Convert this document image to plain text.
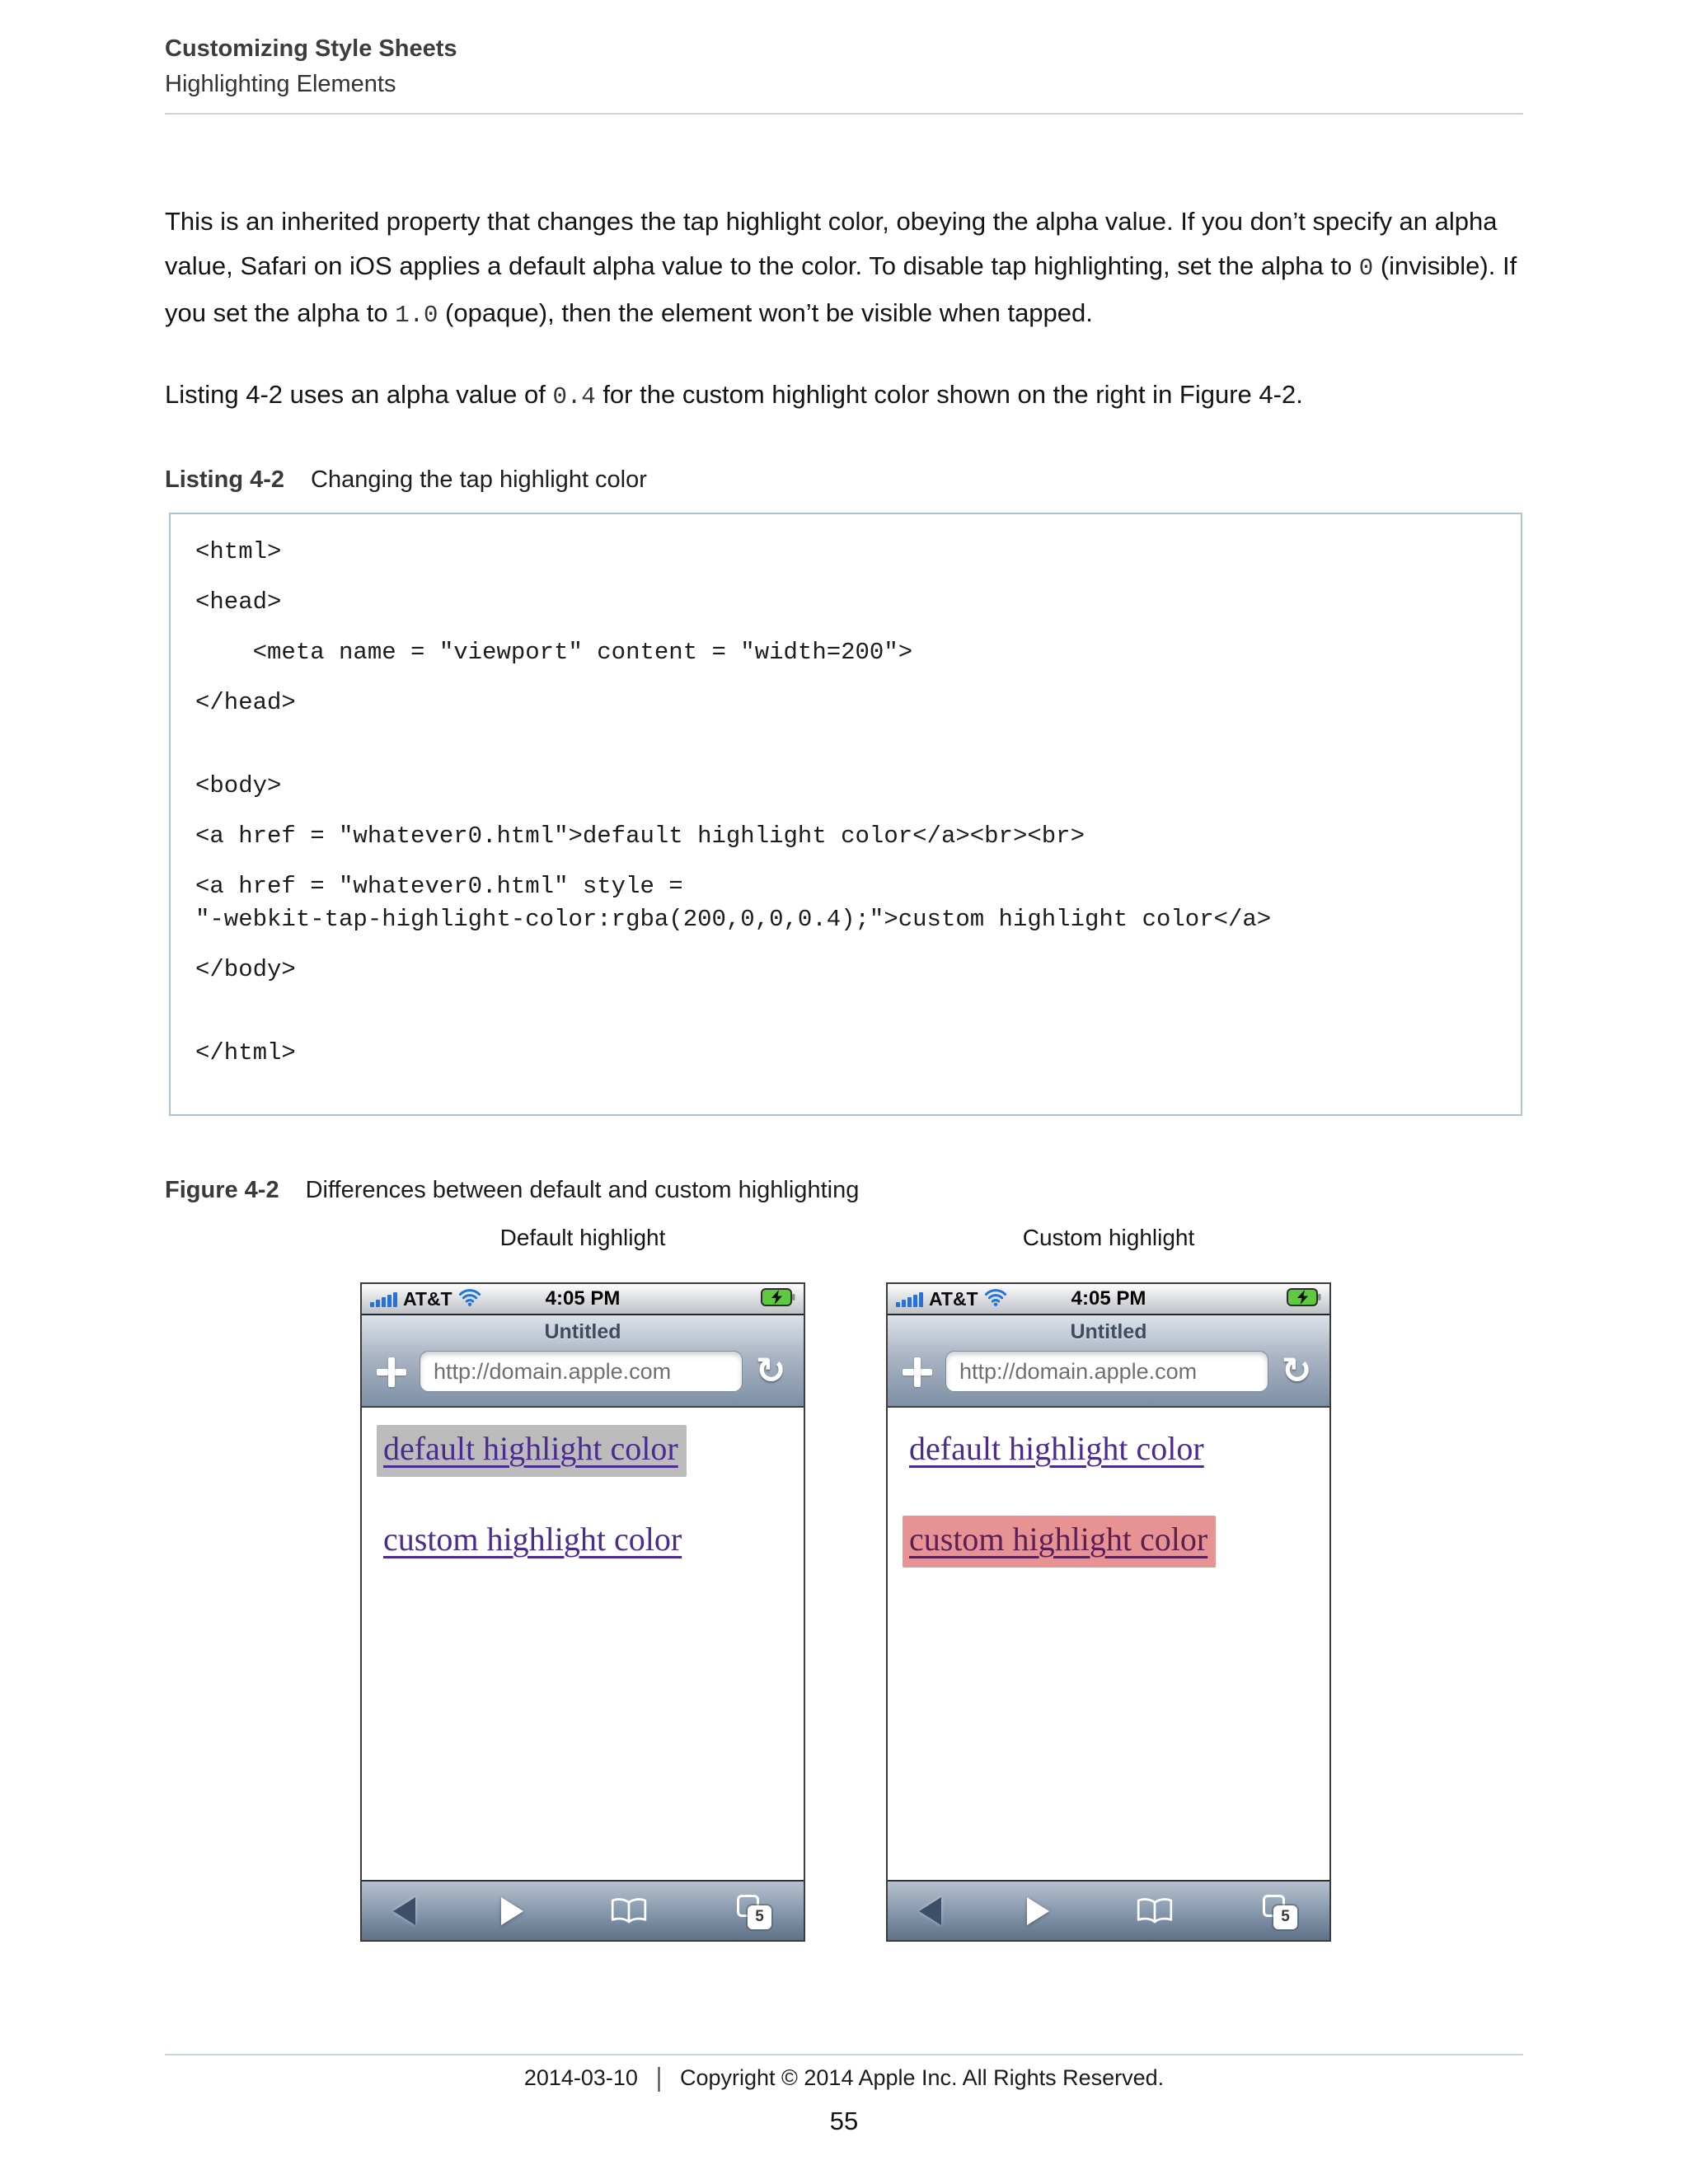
Customizing Style Sheets
Highlighting Elements

This is an inherited property that changes the tap highlight color, obeying the alpha value. If you don’t specify an alpha value, Safari on iOS applies a default alpha value to the color. To disable tap highlighting, set the alpha to 0 (invisible). If you set the alpha to 1.0 (opaque), then the element won’t be visible when tapped.

Listing 4-2 uses an alpha value of 0.4 for the custom highlight color shown on the right in Figure 4-2.

Listing 4-2 Changing the tap highlight color
<html>
<head>
<meta name = "viewport" content = "width=200">
</head>
<body>
<a href = "whatever0.html">default highlight color</a><br><br>
<a href = "whatever0.html" style =
"-webkit-tap-highlight-color:rgba(200,0,0,0.4);">custom highlight color</a>
</body>
</html>
Figure 4-2 Differences between default and custom highlighting
Default highlight	Custom highlight
AT&T	4:05 PM
Untitled
http://domain.apple.com ↻
default highlight color
custom highlight color
5
AT&T	4:05 PM
Untitled
http://domain.apple.com ↻
default highlight color
custom highlight color
5
2014-03-10 | Copyright © 2014 Apple Inc. All Rights Reserved.
55
